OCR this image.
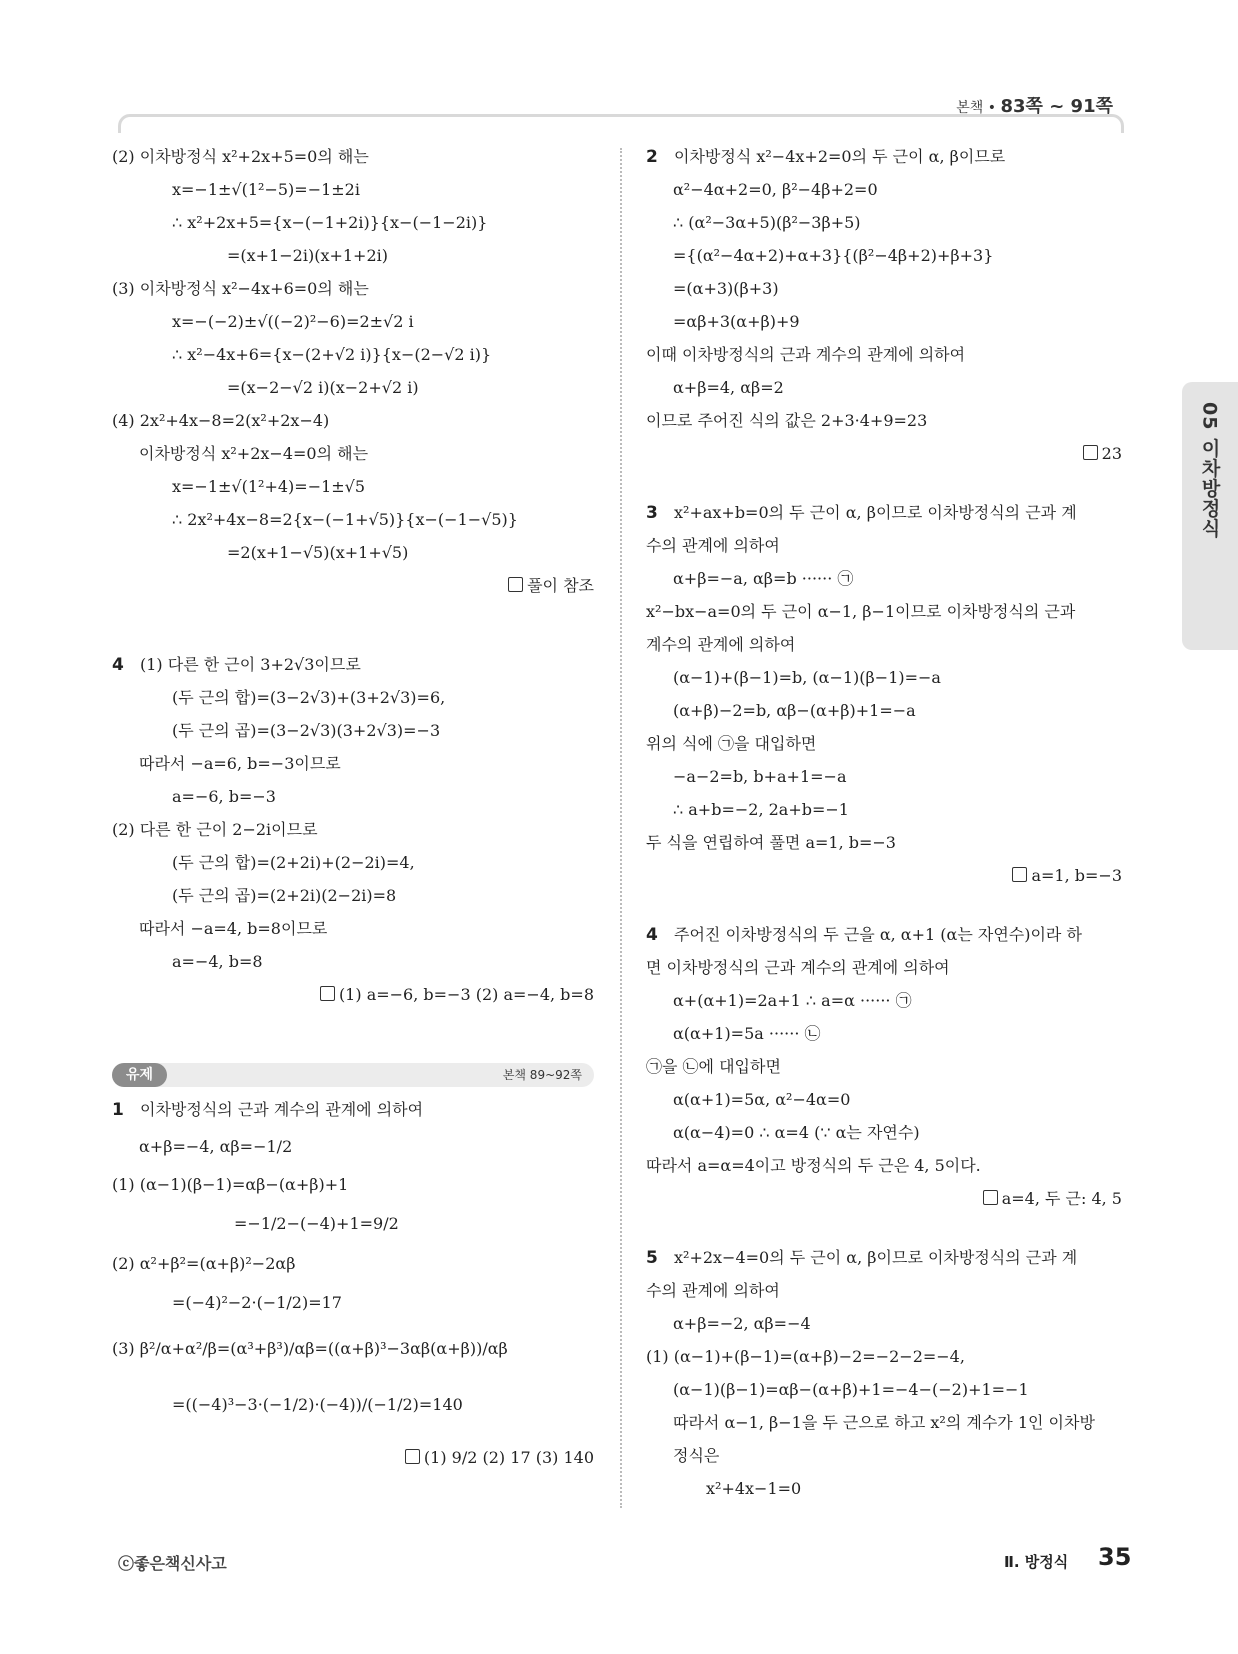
본책 • 83쪽 ~ 91쪽
05 이차방정식
(2) 이차방정식 x²+2x+5=0의 해는
x=−1±√(1²−5)=−1±2i
∴ x²+2x+5={x−(−1+2i)}{x−(−1−2i)}
=(x+1−2i)(x+1+2i)
(3) 이차방정식 x²−4x+6=0의 해는
x=−(−2)±√((−2)²−6)=2±√2 i
∴ x²−4x+6={x−(2+√2 i)}{x−(2−√2 i)}
=(x−2−√2 i)(x−2+√2 i)
(4) 2x²+4x−8=2(x²+2x−4)
이차방정식 x²+2x−4=0의 해는
x=−1±√(1²+4)=−1±√5
∴ 2x²+4x−8=2{x−(−1+√5)}{x−(−1−√5)}
=2(x+1−√5)(x+1+√5)
풀이 참조
4 (1) 다른 한 근이 3+2√3이므로
(두 근의 합)=(3−2√3)+(3+2√3)=6,
(두 근의 곱)=(3−2√3)(3+2√3)=−3
따라서 −a=6, b=−3이므로
a=−6, b=−3
(2) 다른 한 근이 2−2i이므로
(두 근의 합)=(2+2i)+(2−2i)=4,
(두 근의 곱)=(2+2i)(2−2i)=8
따라서 −a=4, b=8이므로
a=−4, b=8
(1) a=−6, b=−3 (2) a=−4, b=8
유제	본책 89~92쪽
1 이차방정식의 근과 계수의 관계에 의하여
α+β=−4, αβ=−1/2
(1) (α−1)(β−1)=αβ−(α+β)+1
=−1/2−(−4)+1=9/2
(2) α²+β²=(α+β)²−2αβ
=(−4)²−2·(−1/2)=17
(3) β²/α+α²/β=(α³+β³)/αβ=((α+β)³−3αβ(α+β))/αβ
=((−4)³−3·(−1/2)·(−4))/(−1/2)=140
(1) 9/2 (2) 17 (3) 140
2 이차방정식 x²−4x+2=0의 두 근이 α, β이므로
α²−4α+2=0, β²−4β+2=0
∴ (α²−3α+5)(β²−3β+5)
={(α²−4α+2)+α+3}{(β²−4β+2)+β+3}
=(α+3)(β+3)
=αβ+3(α+β)+9
이때 이차방정식의 근과 계수의 관계에 의하여
α+β=4, αβ=2
이므로 주어진 식의 값은 2+3·4+9=23
23
3 x²+ax+b=0의 두 근이 α, β이므로 이차방정식의 근과 계
수의 관계에 의하여
α+β=−a, αβ=b ······ ㉠
x²−bx−a=0의 두 근이 α−1, β−1이므로 이차방정식의 근과
계수의 관계에 의하여
(α−1)+(β−1)=b, (α−1)(β−1)=−a
(α+β)−2=b, αβ−(α+β)+1=−a
위의 식에 ㉠을 대입하면
−a−2=b, b+a+1=−a
∴ a+b=−2, 2a+b=−1
두 식을 연립하여 풀면 a=1, b=−3
a=1, b=−3
4 주어진 이차방정식의 두 근을 α, α+1 (α는 자연수)이라 하
면 이차방정식의 근과 계수의 관계에 의하여
α+(α+1)=2a+1 ∴ a=α ······ ㉠
α(α+1)=5a ······ ㉡
㉠을 ㉡에 대입하면
α(α+1)=5α, α²−4α=0
α(α−4)=0 ∴ α=4 (∵ α는 자연수)
따라서 a=α=4이고 방정식의 두 근은 4, 5이다.
a=4, 두 근: 4, 5
5 x²+2x−4=0의 두 근이 α, β이므로 이차방정식의 근과 계
수의 관계에 의하여
α+β=−2, αβ=−4
(1) (α−1)+(β−1)=(α+β)−2=−2−2=−4,
(α−1)(β−1)=αβ−(α+β)+1=−4−(−2)+1=−1
따라서 α−1, β−1을 두 근으로 하고 x²의 계수가 1인 이차방
정식은
x²+4x−1=0
ⓒ좋은책신사고	Ⅱ. 방정식 35
